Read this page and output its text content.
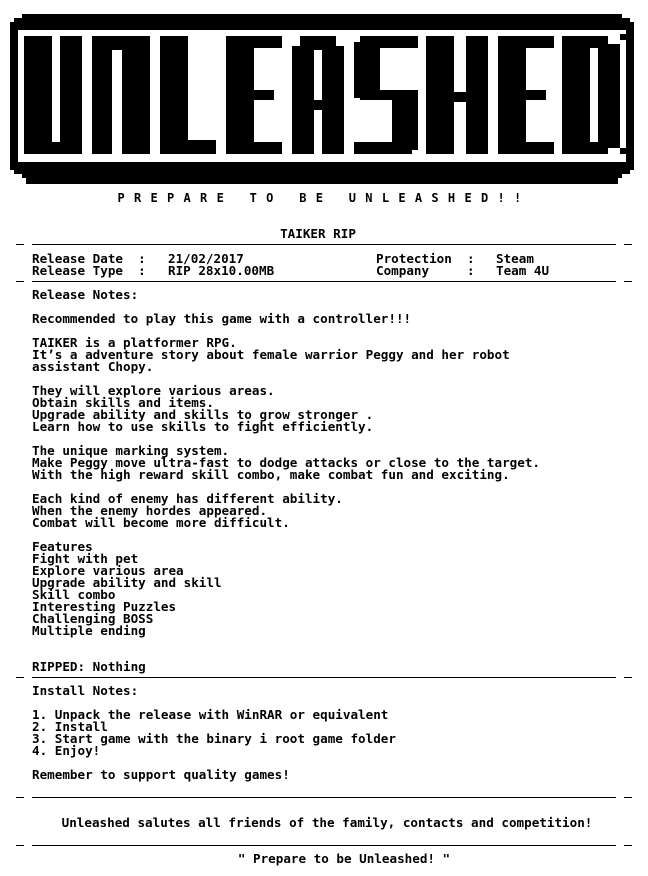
PREPARE TO BE UNLEASHED!!
TAIKER RIP
Release Date  : 21/02/2017	Protection  : Steam
Release Type  : RIP 28x10.00MB	Company     : Team 4U
Release Notes:
Recommended to play this game with a controller!!!
TAIKER is a platformer RPG.
It’s a adventure story about female warrior Peggy and her robot
assistant Chopy.
They will explore various areas.
Obtain skills and items.
Upgrade ability and skills to grow stronger .
Learn how to use skills to fight efficiently.
The unique marking system.
Make Peggy move ultra-fast to dodge attacks or close to the target.
With the high reward skill combo, make combat fun and exciting.
Each kind of enemy has different ability.
When the enemy hordes appeared.
Combat will become more difficult.
Features
Fight with pet
Explore various area
Upgrade ability and skill
Skill combo
Interesting Puzzles
Challenging BOSS
Multiple ending
RIPPED: Nothing
Install Notes:
1. Unpack the release with WinRAR or equivalent
2. Install
3. Start game with the binary i root game folder
4. Enjoy!
Remember to support quality games!
Unleashed salutes all friends of the family, contacts and competition!
" Prepare to be Unleashed! "
